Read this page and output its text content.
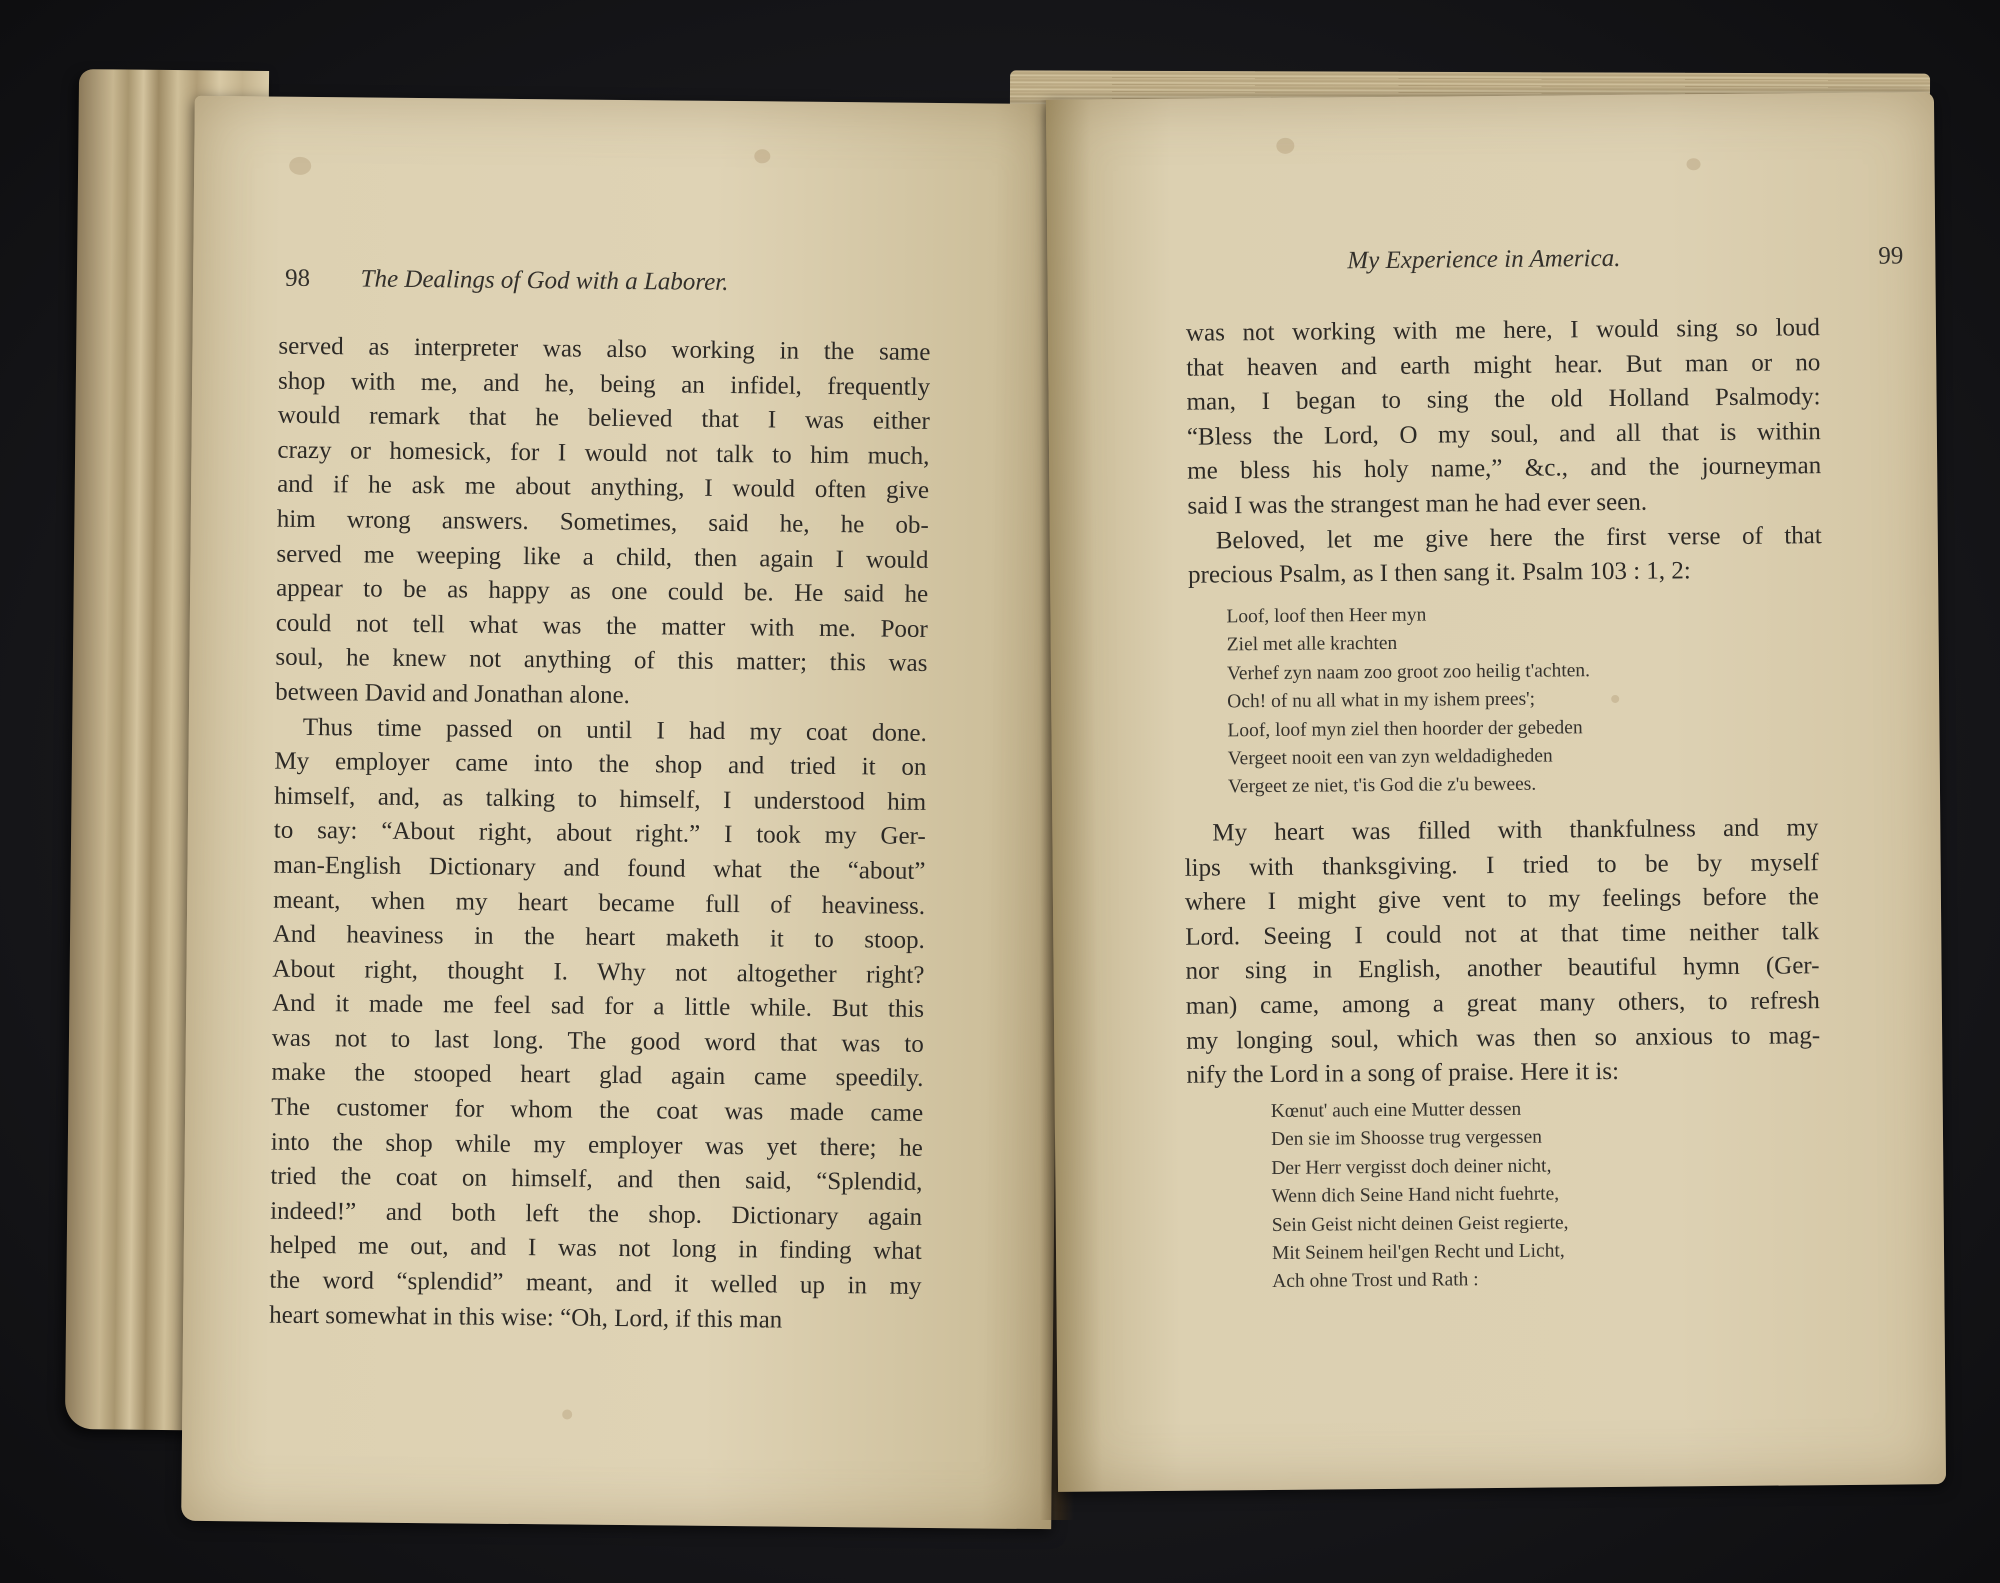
98 The Dealings of God with a Laborer.
served as interpreter was also working in the same
shop with me, and he, being an infidel, frequently
would remark that he believed that I was either
crazy or homesick, for I would not talk to him much,
and if he ask me about anything, I would often give
him wrong answers. Sometimes, said he, he ob-
served me weeping like a child, then again I would
appear to be as happy as one could be. He said he
could not tell what was the matter with me. Poor
soul, he knew not anything of this matter; this was
between David and Jonathan alone.
Thus time passed on until I had my coat done.
My employer came into the shop and tried it on
himself, and, as talking to himself, I understood him
to say: “About right, about right.” I took my Ger-
man-English Dictionary and found what the “about”
meant, when my heart became full of heaviness.
And heaviness in the heart maketh it to stoop.
About right, thought I. Why not altogether right?
And it made me feel sad for a little while. But this
was not to last long. The good word that was to
make the stooped heart glad again came speedily.
The customer for whom the coat was made came
into the shop while my employer was yet there; he
tried the coat on himself, and then said, “Splendid,
indeed!” and both left the shop. Dictionary again
helped me out, and I was not long in finding what
the word “splendid” meant, and it welled up in my
heart somewhat in this wise: “Oh, Lord, if this man
My Experience in America.	99
was not working with me here, I would sing so loud
that heaven and earth might hear. But man or no
man, I began to sing the old Holland Psalmody:
“Bless the Lord, O my soul, and all that is within
me bless his holy name,” &c., and the journeyman
said I was the strangest man he had ever seen.
Beloved, let me give here the first verse of that
precious Psalm, as I then sang it. Psalm 103 : 1, 2:
Loof, loof then Heer myn
Ziel met alle krachten
Verhef zyn naam zoo groot zoo heilig t'achten.
Och! of nu all what in my ishem prees';
Loof, loof myn ziel then hoorder der gebeden
Vergeet nooit een van zyn weldadigheden
Vergeet ze niet, t'is God die z'u bewees.
My heart was filled with thankfulness and my
lips with thanksgiving. I tried to be by myself
where I might give vent to my feelings before the
Lord. Seeing I could not at that time neither talk
nor sing in English, another beautiful hymn (Ger-
man) came, among a great many others, to refresh
my longing soul, which was then so anxious to mag-
nify the Lord in a song of praise. Here it is:
Kœnut' auch eine Mutter dessen
Den sie im Shoosse trug vergessen
Der Herr vergisst doch deiner nicht,
Wenn dich Seine Hand nicht fuehrte,
Sein Geist nicht deinen Geist regierte,
Mit Seinem heil'gen Recht und Licht,
Ach ohne Trost und Rath :
